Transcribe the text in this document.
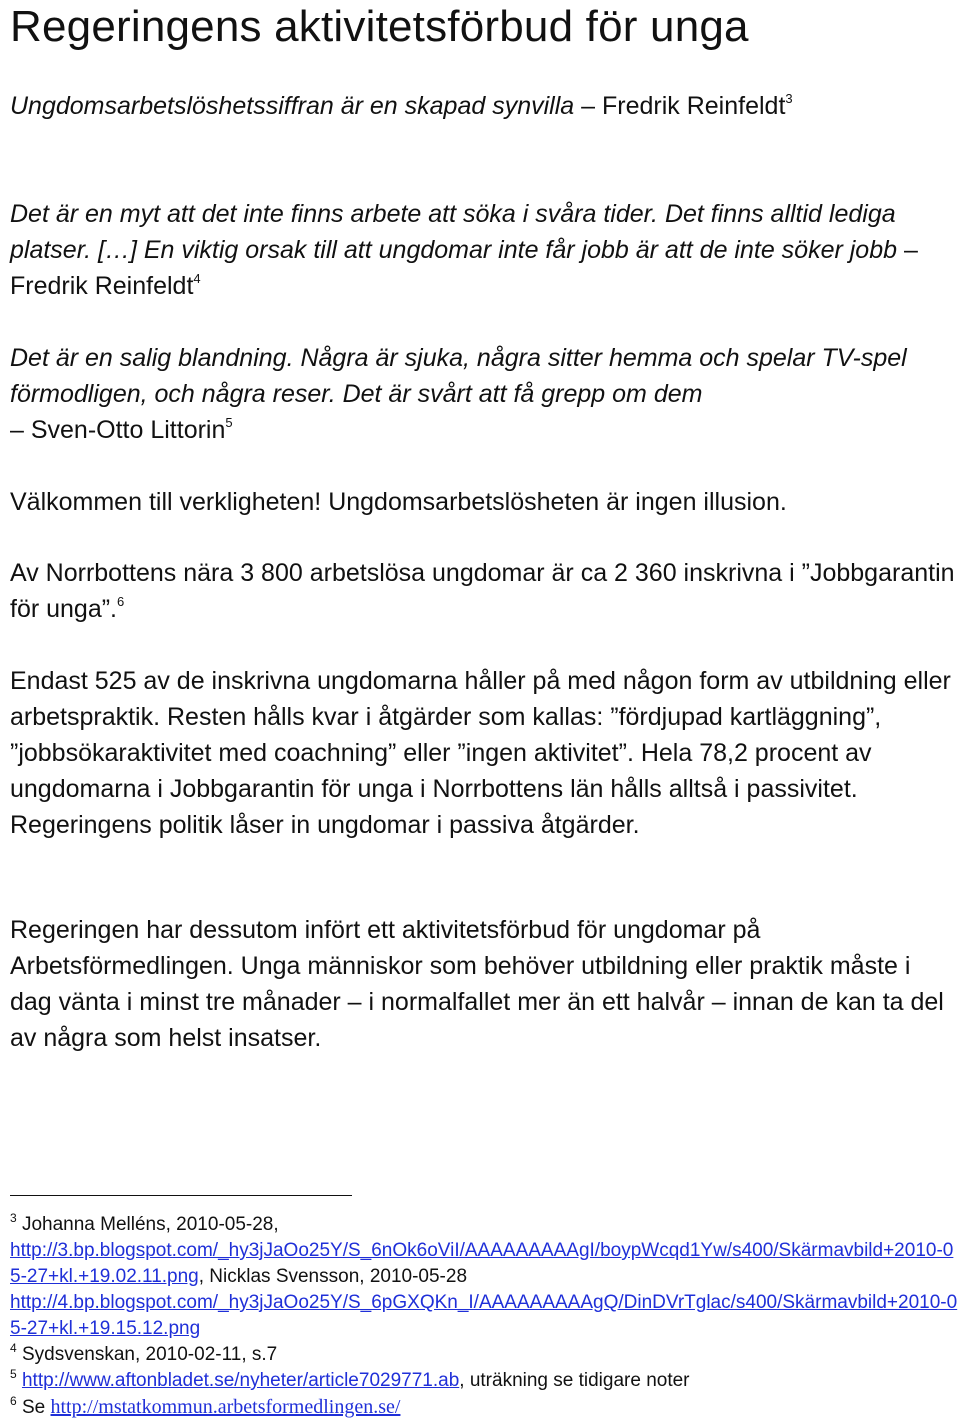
Regeringens aktivitetsförbud för unga
Ungdomsarbetslöshetssiffran är en skapad synvilla – Fredrik Reinfeldt$^3$
Det är en myt att det inte finns arbete att söka i svåra tider. Det finns alltid lediga platser. […] En viktig orsak till att ungdomar inte får jobb är att de inte söker jobb – Fredrik Reinfeldt$^4$
Det är en salig blandning. Några är sjuka, några sitter hemma och spelar TV-spel förmodligen, och några reser. Det är svårt att få grepp om dem
– Sven-Otto Littorin$^5$
Välkommen till verkligheten! Ungdomsarbetslösheten är ingen illusion.
Av Norrbottens nära 3 800 arbetslösa ungdomar är ca 2 360 inskrivna i ”Jobbgarantin för unga”.$^6$
Endast 525 av de inskrivna ungdomarna håller på med någon form av utbildning eller arbetspraktik. Resten hålls kvar i åtgärder som kallas: ”fördjupad kartläggning”, ”jobbsökaraktivitet med coachning” eller ”ingen aktivitet”. Hela 78,2 procent av ungdomarna i Jobbgarantin för unga i Norrbottens län hålls alltså i passivitet. Regeringens politik låser in ungdomar i passiva åtgärder.
Regeringen har dessutom infört ett aktivitetsförbud för ungdomar på Arbetsförmedlingen. Unga människor som behöver utbildning eller praktik måste i dag vänta i minst tre månader – i normalfallet mer än ett halvår – innan de kan ta del av några som helst insatser.

$^3$ Johanna Melléns, 2010-05-28,
http://3.bp.blogspot.com/_hy3jJaOo25Y/S_6nOk6oViI/AAAAAAAAAgI/boypWcqd1Yw/s400/Skärmavbild+2010-05-27+kl.+19.02.11.png, Nicklas Svensson, 2010-05-28
http://4.bp.blogspot.com/_hy3jJaOo25Y/S_6pGXQKn_I/AAAAAAAAAgQ/DinDVrTglac/s400/Skärmavbild+2010-05-27+kl.+19.15.12.png

$^4$ Sydsvenskan, 2010-02-11, s.7

$^5$ http://www.aftonbladet.se/nyheter/article7029771.ab, uträkning se tidigare noter

$^6$ Se http://mstatkommun.arbetsformedlingen.se/
